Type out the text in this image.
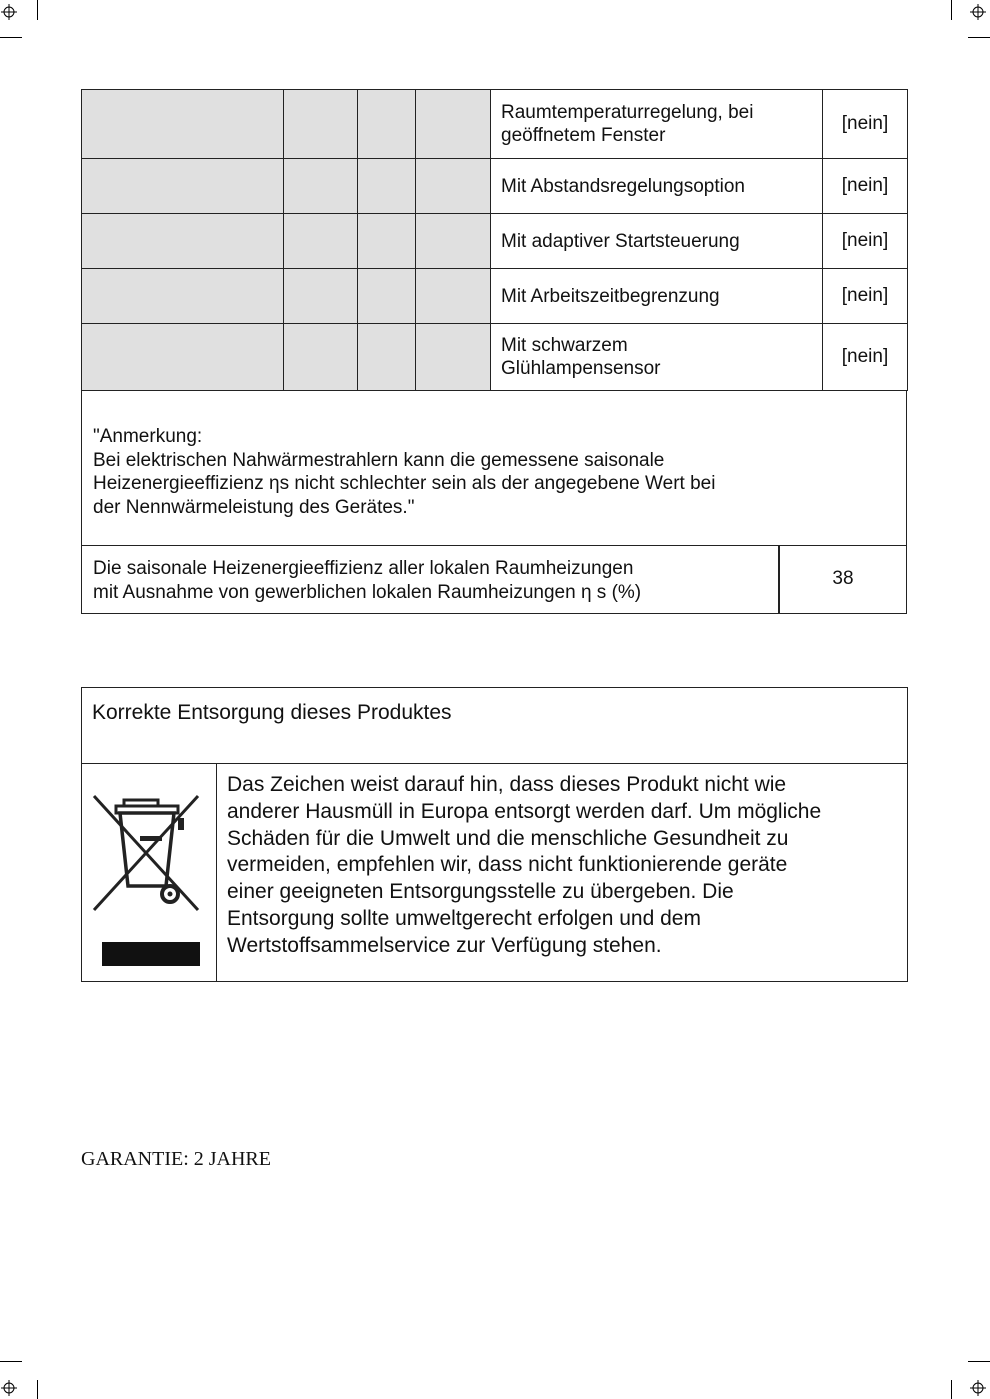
				Raumtemperaturregelung, bei
geöffnetem Fenster	[nein]
				Mit Abstandsregelungsoption	[nein]
				Mit adaptiver Startsteuerung	[nein]
				Mit Arbeitszeitbegrenzung	[nein]
				Mit schwarzem
Glühlampensensor	[nein]
"Anmerkung:
Bei elektrischen Nahwärmestrahlern kann die gemessene saisonale
Heizenergieeffizienz ηs nicht schlechter sein als der angegebene Wert bei
der Nennwärmeleistung des Gerätes."
Die saisonale Heizenergieeffizienz aller lokalen Raumheizungen
mit Ausnahme von gewerblichen lokalen Raumheizungen η s (%)
38
Korrekte Entsorgung dieses Produktes
Das Zeichen weist darauf hin, dass dieses Produkt nicht wie
anderer Hausmüll in Europa entsorgt werden darf. Um mögliche
Schäden für die Umwelt und die menschliche Gesundheit zu
vermeiden, empfehlen wir, dass nicht funktionierende geräte
einer geeigneten Entsorgungsstelle zu übergeben. Die
Entsorgung sollte umweltgerecht erfolgen und dem
Wertstoffsammelservice zur Verfügung stehen.
GARANTIE: 2 JAHRE
